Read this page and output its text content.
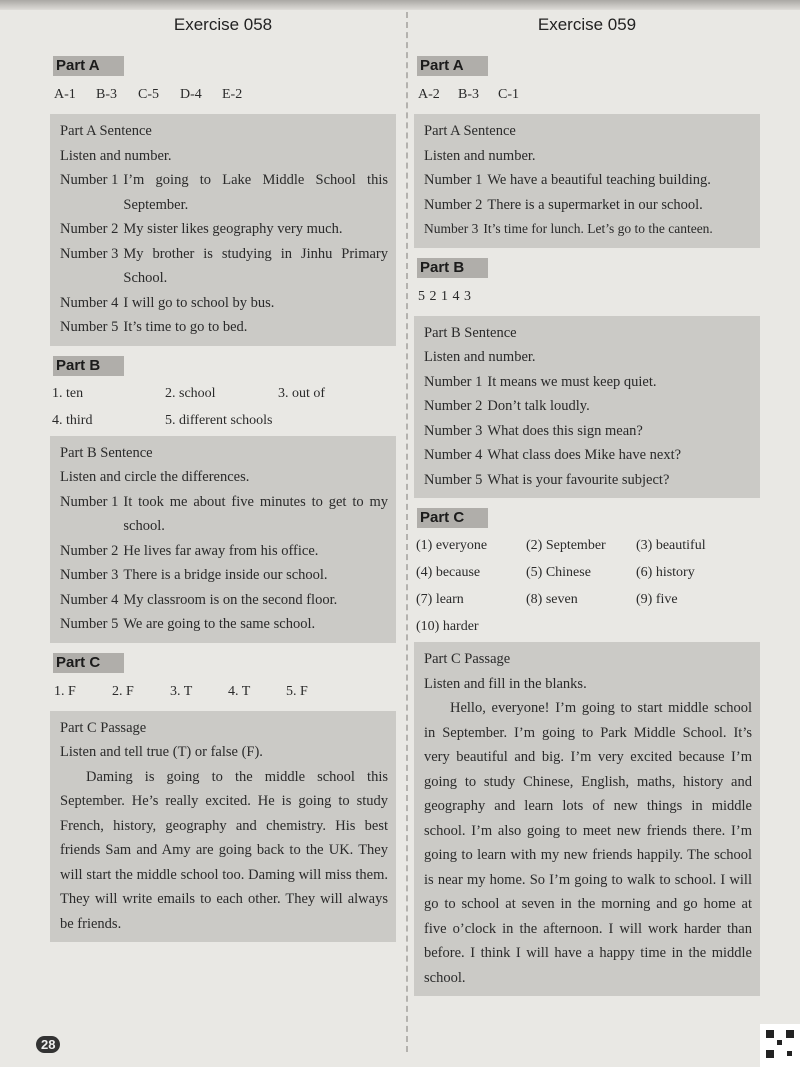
Exercise 058
Part A
A-1 B-3 C-5 D-4 E-2
Part A Sentence
Listen and number.
Number 1 I’m going to Lake Middle School this September.
Number 2 My sister likes geography very much.
Number 3 My brother is studying in Jinhu Primary School.
Number 4 I will go to school by bus.
Number 5 It’s time to go to bed.
Part B
1. ten	2. school	3. out of
4. third	5. different schools
Part B Sentence
Listen and circle the differences.
Number 1 It took me about five minutes to get to my school.
Number 2 He lives far away from his office.
Number 3 There is a bridge inside our school.
Number 4 My classroom is on the second floor.
Number 5 We are going to the same school.
Part C
1. F	2. F	3. T	4. T	5. F
Part C Passage
Listen and tell true (T) or false (F).
Daming is going to the middle school this September. He’s really excited. He is going to study French, history, geography and chemistry. His best friends Sam and Amy are going back to the UK. They will start the middle school too. Daming will miss them. They will write emails to each other. They will always be friends.
Exercise 059
Part A
A-2 B-3 C-1
Part A Sentence
Listen and number.
Number 1 We have a beautiful teaching building.
Number 2 There is a supermarket in our school.
Number 3 It’s time for lunch. Let’s go to the canteen.
Part B
5 2 1 4 3
Part B Sentence
Listen and number.
Number 1 It means we must keep quiet.
Number 2 Don’t talk loudly.
Number 3 What does this sign mean?
Number 4 What class does Mike have next?
Number 5 What is your favourite subject?
Part C
(1) everyone	(2) September	(3) beautiful
(4) because	(5) Chinese	(6) history
(7) learn	(8) seven	(9) five
(10) harder
Part C Passage
Listen and fill in the blanks.
Hello, everyone! I’m going to start middle school in September. I’m going to Park Middle School. It’s very beautiful and big. I’m very excited because I’m going to study Chinese, English, maths, history and geography and learn lots of new things in middle school. I’m also going to meet new friends there. I’m going to learn with my new friends happily. The school is near my home. So I’m going to walk to school. I will go to school at seven in the morning and go home at five o’clock in the afternoon. I will work harder than before. I think I will have a happy time in the middle school.
28
